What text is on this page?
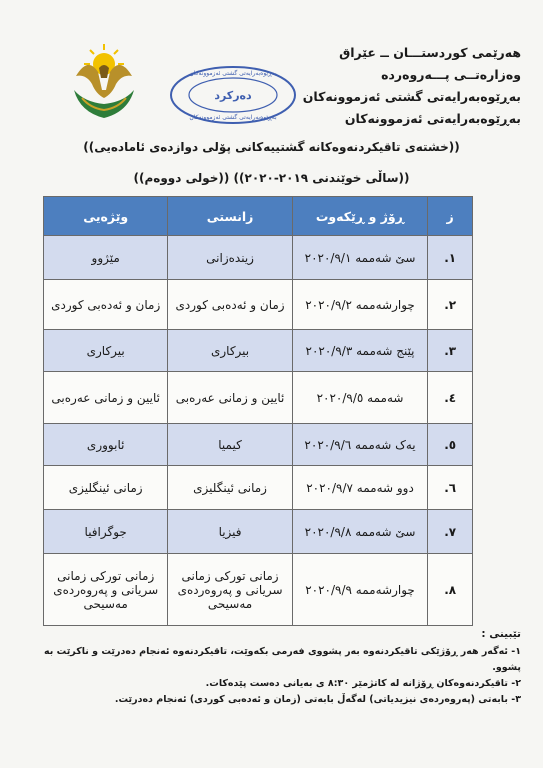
بەڕێوەبەرایەتی گشتی ئەزموونەکان
دەرکرد
بەڕێوەبەرایەتی گشتی ئەزموونەکان
هەرێمی کوردستـــان ــ عێراق
وەزارەتــی پـــەروەردە
بەڕێوەبەرایەتی گشتی ئەزموونەکان
بەڕێوەبەرایەتی ئەزموونەکان
((خشتەی تاقیکردنەوەکانە گشتییەکانی پۆلی دوازدەی ئامادەیی))
((ساڵی خوێندنی ٢٠١٩-٢٠٢٠)) ((خولی دووەم))
ز	ڕۆژ و ڕێکەوت	زانستی	وێژەیی
١.	سێ شەممە ٢٠٢٠/٩/١	زیندەزانی	مێژوو
٢.	چوارشەممە ٢٠٢٠/٩/٢	زمان و ئەدەبی کوردی	زمان و ئەدەبی کوردی
٣.	پێنج شەممە ٢٠٢٠/٩/٣	بیرکاری	بیرکاری
٤.	شەممە ٢٠٢٠/٩/٥	ئایین و زمانی عەرەبی	ئایین و زمانی عەرەبی
٥.	یەک شەممە ٢٠٢٠/٩/٦	کیمیا	ئابووری
٦.	دوو شەممە ٢٠٢٠/٩/٧	زمانی ئینگلیزی	زمانی ئینگلیزی
٧.	سێ شەممە ٢٠٢٠/٩/٨	فیزیا	جوگرافیا
٨.	چوارشەممە ٢٠٢٠/٩/٩	زمانی تورکی زمانی سریانی و پەروەردەی مەسیحی	زمانی تورکی زمانی سریانی و پەروەردەی مەسیحی
تێبینی :
١- ئەگەر هەر ڕۆژێکی تاقیکردنەوە بەر پشووی فەرمی بکەوێت، تاقیکردنەوە ئەنجام دەدرێت و ناکرێت بە پشوو.
٢- تاقیکردنەوەکان ڕۆژانە لە کاتژمێر ٨:٣٠ ی بەیانی دەست پێدەکات.
٣- بابەتی (پەروەردەی نیزیدیاتی) لەگەڵ بابەتی (زمان و ئەدەبی کوردی) ئەنجام دەدرێت.
